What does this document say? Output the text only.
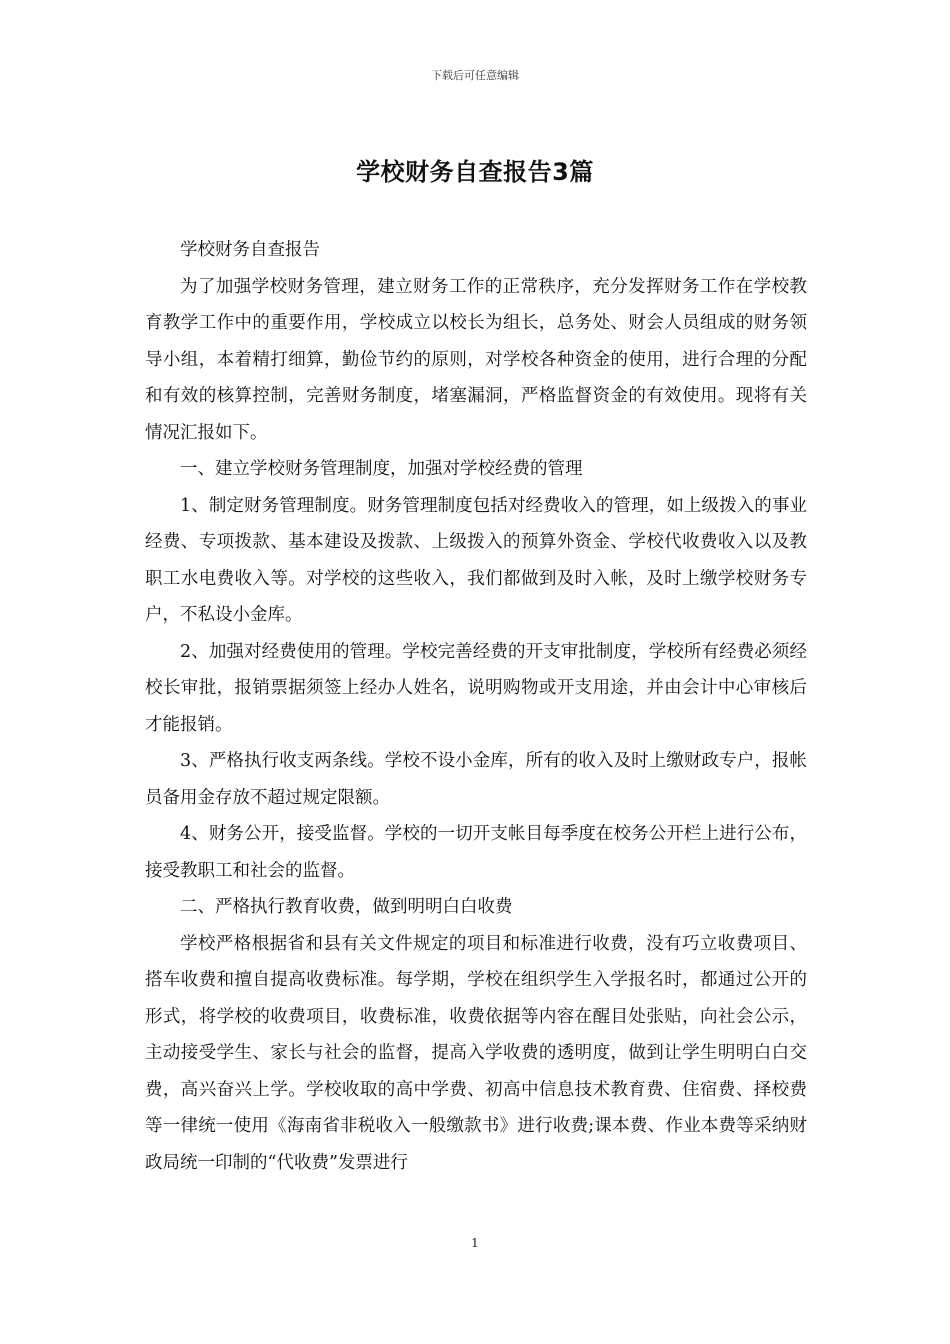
下载后可任意编辑
学校财务自查报告3篇

学校财务自查报告

为了加强学校财务管理，建立财务工作的正常秩序，充分发挥财务工作在学校教育教学工作中的重要作用，学校成立以校长为组长，总务处、财会人员组成的财务领导小组，本着精打细算，勤俭节约的原则，对学校各种资金的使用，进行合理的分配和有效的核算控制，完善财务制度，堵塞漏洞，严格监督资金的有效使用。现将有关情况汇报如下。

一、建立学校财务管理制度，加强对学校经费的管理

1、制定财务管理制度。财务管理制度包括对经费收入的管理，如上级拨入的事业经费、专项拨款、基本建设及拨款、上级拨入的预算外资金、学校代收费收入以及教职工水电费收入等。对学校的这些收入，我们都做到及时入帐，及时上缴学校财务专户，不私设小金库。

2、加强对经费使用的管理。学校完善经费的开支审批制度，学校所有经费必须经校长审批，报销票据须签上经办人姓名，说明购物或开支用途，并由会计中心审核后才能报销。

3、严格执行收支两条线。学校不设小金库，所有的收入及时上缴财政专户，报帐员备用金存放不超过规定限额。

4、财务公开，接受监督。学校的一切开支帐目每季度在校务公开栏上进行公布，接受教职工和社会的监督。

二、严格执行教育收费，做到明明白白收费

学校严格根据省和县有关文件规定的项目和标准进行收费，没有巧立收费项目、搭车收费和擅自提高收费标准。每学期，学校在组织学生入学报名时，都通过公开的形式，将学校的收费项目，收费标准，收费依据等内容在醒目处张贴，向社会公示，主动接受学生、家长与社会的监督，提高入学收费的透明度，做到让学生明明白白交费，高兴奋兴上学。学校收取的高中学费、初高中信息技术教育费、住宿费、择校费等一律统一使用《海南省非税收入一般缴款书》进行收费;课本费、作业本费等采纳财政局统一印制的“代收费”发票进行

1
